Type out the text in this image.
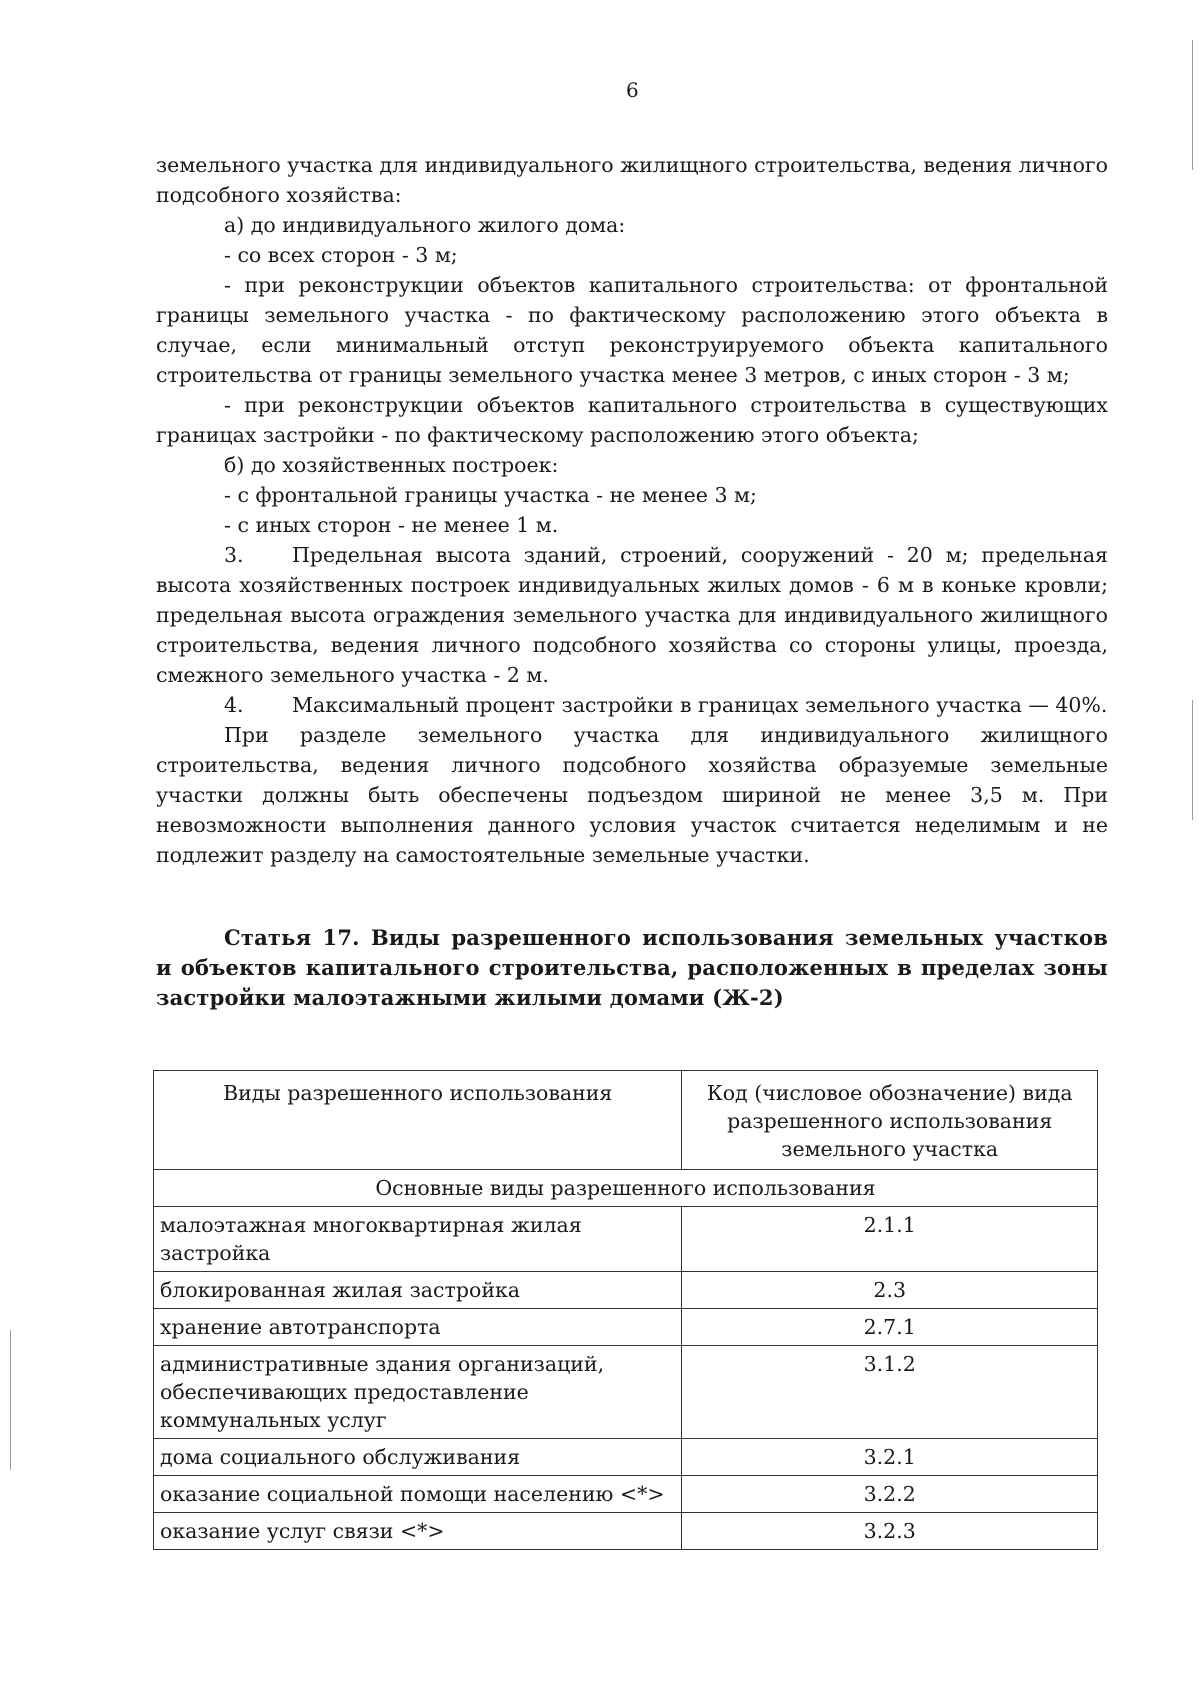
6

земельного участка для индивидуального жилищного строительства, ведения личного подсобного хозяйства:

а) до индивидуального жилого дома:

- со всех сторон - 3 м;

- при реконструкции объектов капитального строительства: от фронтальной границы земельного участка - по фактическому расположению этого объекта в случае, если минимальный отступ реконструируемого объекта капитального строительства от границы земельного участка менее 3 метров, с иных сторон - 3 м;

- при реконструкции объектов капитального строительства в существующих границах застройки - по фактическому расположению этого объекта;

б) до хозяйственных построек:

- с фронтальной границы участка - не менее 3 м;

- с иных сторон - не менее 1 м.

3. Предельная высота зданий, строений, сооружений - 20 м; предельная высота хозяйственных построек индивидуальных жилых домов - 6 м в коньке кровли; предельная высота ограждения земельного участка для индивидуального жилищного строительства, ведения личного подсобного хозяйства со стороны улицы, проезда, смежного земельного участка - 2 м.

4. Максимальный процент застройки в границах земельного участка — 40%.

При разделе земельного участка для индивидуального жилищного

строительства, ведения личного подсобного хозяйства образуемые земельные участки должны быть обеспечены подъездом шириной не менее 3,5 м. При невозможности выполнения данного условия участок считается неделимым и не подлежит разделу на самостоятельные земельные участки.

Статья 17. Виды разрешенного использования земельных участков и объектов капитального строительства, расположенных в пределах зоны застройки малоэтажными жилыми домами (Ж-2)
Виды разрешенного использования	Код (числовое обозначение) вида разрешенного использования земельного участка
Основные виды разрешенного использования	
малоэтажная многоквартирная жилая застройка	2.1.1
блокированная жилая застройка	2.3
хранение автотранспорта	2.7.1
административные здания организаций, обеспечивающих предоставление коммунальных услуг	3.1.2
дома социального обслуживания	3.2.1
оказание социальной помощи населению <*>	3.2.2
оказание услуг связи <*>	3.2.3
